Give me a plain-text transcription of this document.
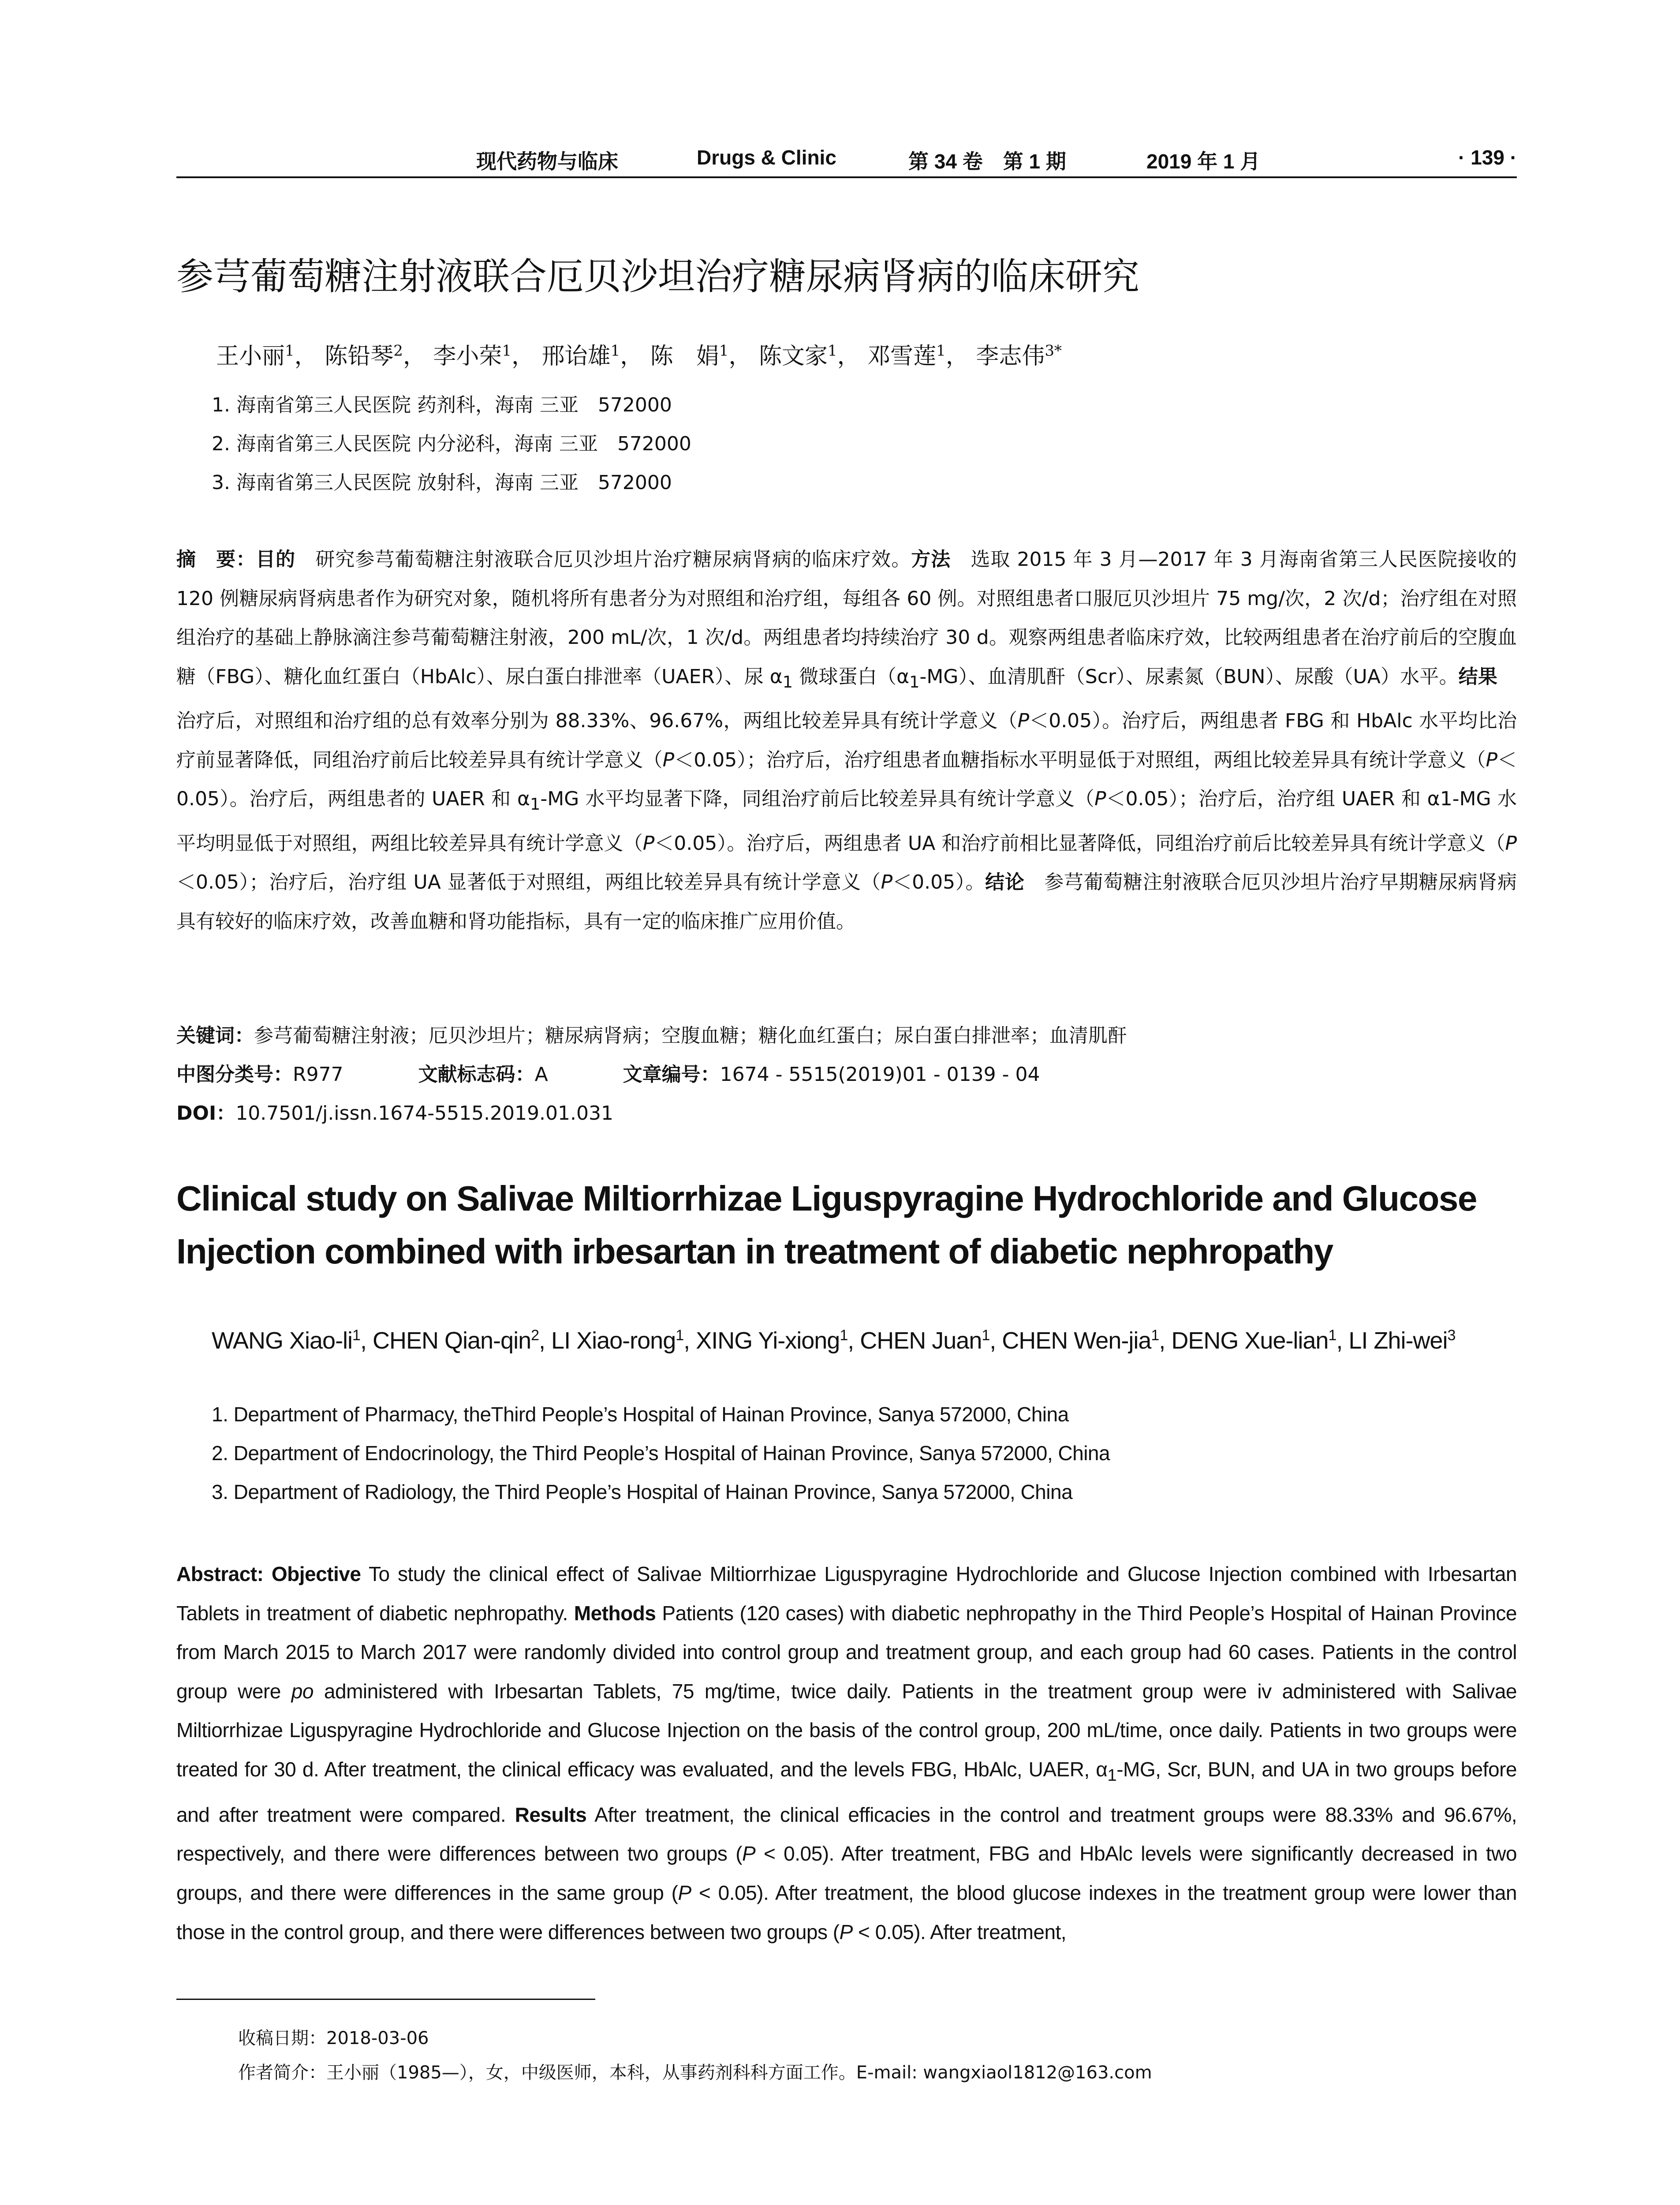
现代药物与临床	Drugs & Clinic	第 34 卷　第 1 期	2019 年 1 月	· 139 ·
参芎葡萄糖注射液联合厄贝沙坦治疗糖尿病肾病的临床研究
王小丽$^1$， 陈铅琴$^2$， 李小荣$^1$， 邢诒雄$^1$， 陈　娟$^1$， 陈文家$^1$， 邓雪莲$^1$， 李志伟$^{3*}$
1. 海南省第三人民医院 药剂科，海南 三亚　572000
2. 海南省第三人民医院 内分泌科，海南 三亚　572000
3. 海南省第三人民医院 放射科，海南 三亚　572000
摘　要：目的　研究参芎葡萄糖注射液联合厄贝沙坦片治疗糖尿病肾病的临床疗效。方法　选取 2015 年 3 月—2017 年 3 月海南省第三人民医院接收的 120 例糖尿病肾病患者作为研究对象，随机将所有患者分为对照组和治疗组，每组各 60 例。对照组患者口服厄贝沙坦片 75 mg/次，2 次/d；治疗组在对照组治疗的基础上静脉滴注参芎葡萄糖注射液，200 mL/次，1 次/d。两组患者均持续治疗 30 d。观察两组患者临床疗效，比较两组患者在治疗前后的空腹血糖（FBG）、糖化血红蛋白（HbAlc）、尿白蛋白排泄率（UAER）、尿 $\alpha_1$ 微球蛋白$(\alpha_1-MG)$、血清肌酐（Scr）、尿素氮（BUN）、尿酸（UA）水平。结果　治疗后，对照组和治疗组的总有效率分别为 88.33%、96.67%，两组比较差异具有统计学意义（P＜0.05）。治疗后，两组患者 FBG 和 HbAlc 水平均比治疗前显著降低，同组治疗前后比较差异具有统计学意义（P＜0.05）；治疗后，治疗组患者血糖指标水平明显低于对照组，两组比较差异具有统计学意义（P＜0.05）。治疗后，两组患者的 UAER 和 $\alpha_1-MG$ 水平均显著下降，同组治疗前后比较差异具有统计学意义（P＜0.05）；治疗后，治疗组 UAER 和 α1-MG 水平均明显低于对照组，两组比较差异具有统计学意义（P＜0.05）。治疗后，两组患者 UA 和治疗前相比显著降低，同组治疗前后比较差异具有统计学意义（P＜0.05）；治疗后，治疗组 UA 显著低于对照组，两组比较差异具有统计学意义（P＜0.05）。结论　参芎葡萄糖注射液联合厄贝沙坦片治疗早期糖尿病肾病具有较好的临床疗效，改善血糖和肾功能指标，具有一定的临床推广应用价值。
关键词：参芎葡萄糖注射液；厄贝沙坦片；糖尿病肾病；空腹血糖；糖化血红蛋白；尿白蛋白排泄率；血清肌酐
中图分类号：R977	文献标志码：A	文章编号：1674 - 5515(2019)01 - 0139 - 04
DOI：10.7501/j.issn.1674-5515.2019.01.031
Clinical study on Salivae Miltiorrhizae Liguspyragine Hydrochloride and Glucose Injection combined with irbesartan in treatment of diabetic nephropathy
WANG Xiao-$li^1$, CHEN Qian-qin$^2$, LI Xiao-rong$^1$, XING Yi-xiong$^1$, CHEN Juan$^1$, CHEN Wen-jia$^1$, DENG Xue-lian$^1$, LI Zhi-wei$^3$
1. Department of Pharmacy, theThird People’s Hospital of Hainan Province, Sanya 572000, China
2. Department of Endocrinology, the Third People’s Hospital of Hainan Province, Sanya 572000, China
3. Department of Radiology, the Third People’s Hospital of Hainan Province, Sanya 572000, China
Abstract: Objective To study the clinical effect of Salivae Miltiorrhizae Liguspyragine Hydrochloride and Glucose Injection combined with Irbesartan Tablets in treatment of diabetic nephropathy. Methods Patients (120 cases) with diabetic nephropathy in the Third People’s Hospital of Hainan Province from March 2015 to March 2017 were randomly divided into control group and treatment group, and each group had 60 cases. Patients in the control group were po administered with Irbesartan Tablets, 75 mg/time, twice daily. Patients in the treatment group were iv administered with Salivae Miltiorrhizae Liguspyragine Hydrochloride and Glucose Injection on the basis of the control group, 200 mL/time, once daily. Patients in two groups were treated for 30 d. After treatment, the clinical efficacy was evaluated, and the levels FBG, HbAlc, UAER, $\alpha_1-MG$, Scr, BUN, and UA in two groups before and after treatment were compared. Results After treatment, the clinical efficacies in the control and treatment groups were 88.33% and 96.67%, respectively, and there were differences between two groups (P < 0.05). After treatment, FBG and HbAlc levels were significantly decreased in two groups, and there were differences in the same group (P < 0.05). After treatment, the blood glucose indexes in the treatment group were lower than those in the control group, and there were differences between two groups (P < 0.05). After treatment,
收稿日期：2018-03-06
作者简介：王小丽（1985—），女，中级医师，本科，从事药剂科科方面工作。E-mail: wangxiaol1812@163.com
